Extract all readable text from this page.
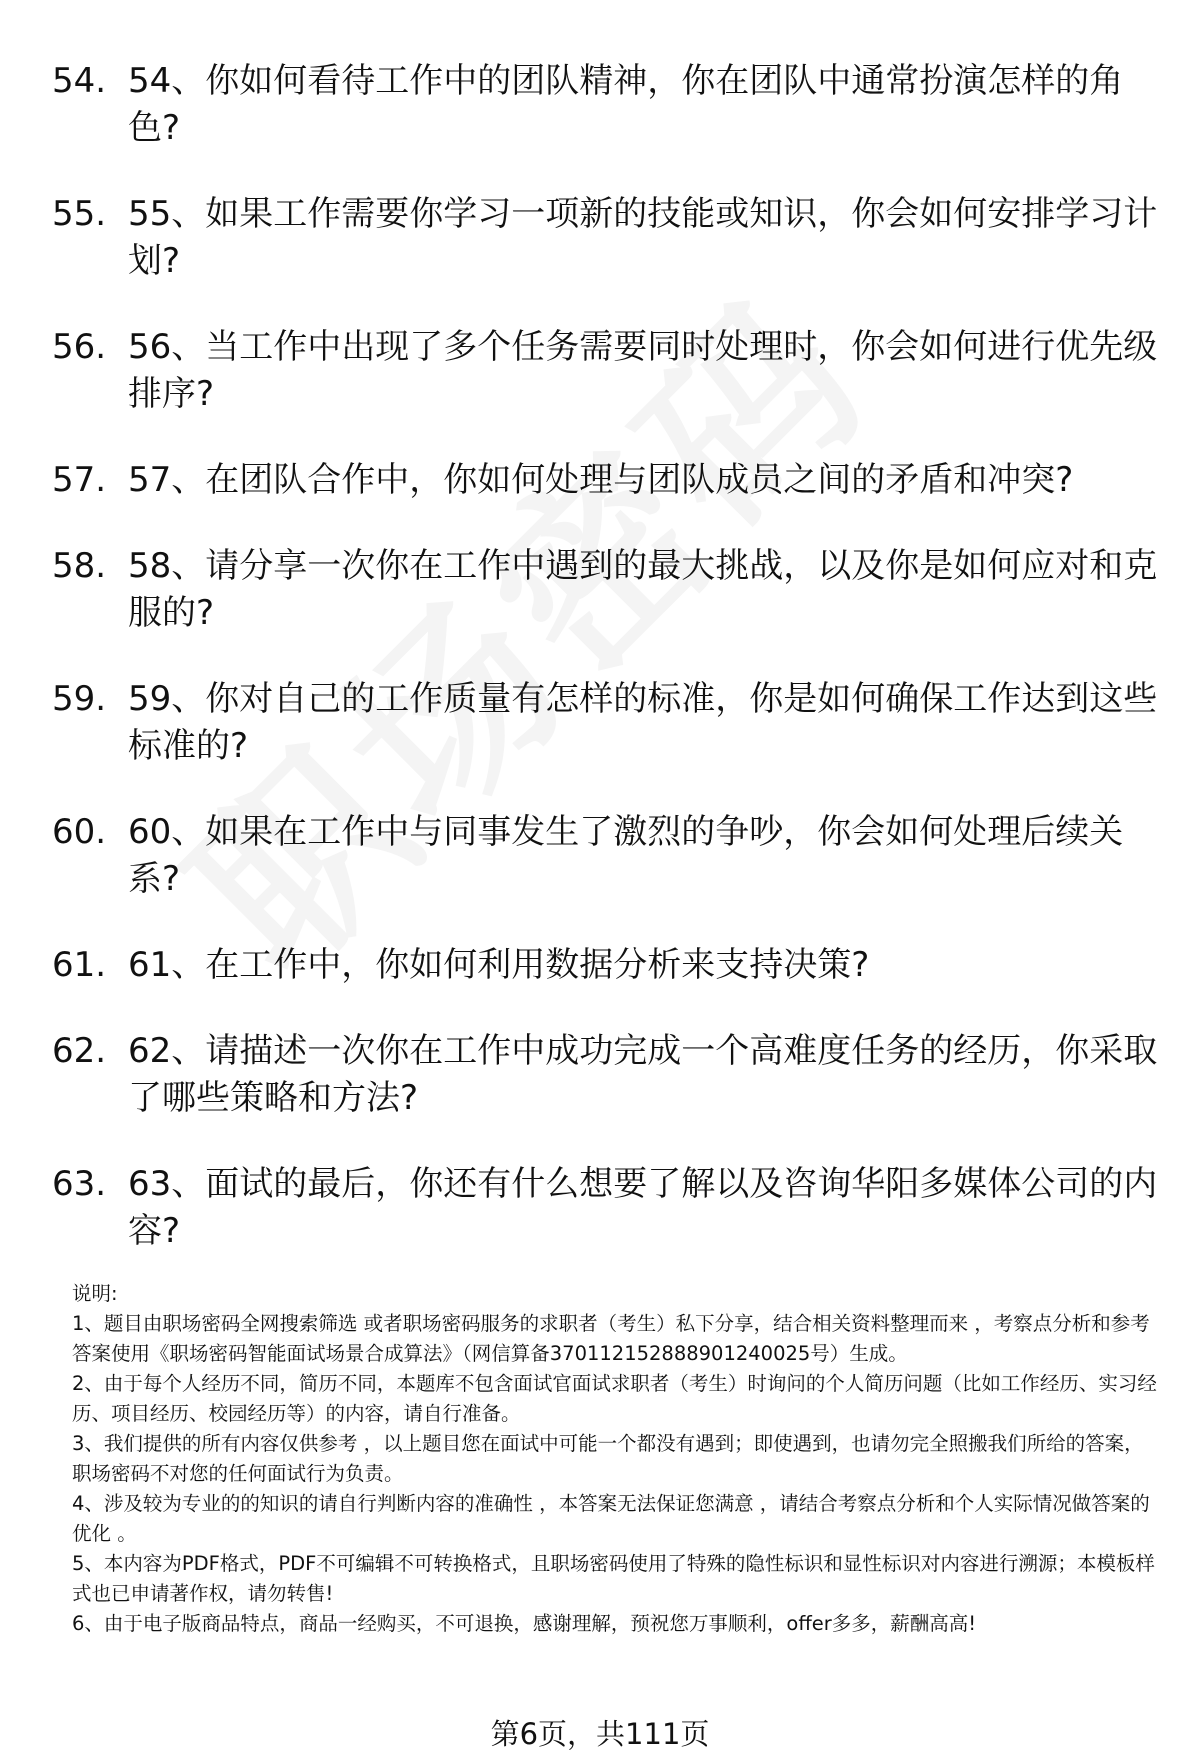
54. 54、你如何看待工作中的团队精神，你在团队中通常扮演怎样的角色?
55. 55、如果工作需要你学习一项新的技能或知识，你会如何安排学习计划?
56. 56、当工作中出现了多个任务需要同时处理时，你会如何进行优先级排序?
57. 57、在团队合作中，你如何处理与团队成员之间的矛盾和冲突?
58. 58、请分享一次你在工作中遇到的最大挑战，以及你是如何应对和克服的?
59. 59、你对自己的工作质量有怎样的标准，你是如何确保工作达到这些标准的?
60. 60、如果在工作中与同事发生了激烈的争吵，你会如何处理后续关系?
61. 61、在工作中，你如何利用数据分析来支持决策?
62. 62、请描述一次你在工作中成功完成一个高难度任务的经历，你采取了哪些策略和方法?
63. 63、面试的最后，你还有什么想要了解以及咨询华阳多媒体公司的内容?
说明:
1、题目由职场密码全网搜索筛选 或者职场密码服务的求职者（考生）私下分享，结合相关资料整理而来 ，考察点分析和参考答案使用《职场密码智能面试场景合成算法》（网信算备370112152888901240025号）生成。
2、由于每个人经历不同，简历不同，本题库不包含面试官面试求职者（考生）时询问的个人简历问题（比如工作经历、实习经历、项目经历、校园经历等）的内容，请自行准备。
3、我们提供的所有内容仅供参考 ，以上题目您在面试中可能一个都没有遇到；即使遇到，也请勿完全照搬我们所给的答案，职场密码不对您的任何面试行为负责。
4、涉及较为专业的的知识的请自行判断内容的准确性 ，本答案无法保证您满意 ，请结合考察点分析和个人实际情况做答案的优化 。
5、本内容为PDF格式，PDF不可编辑不可转换格式，且职场密码使用了特殊的隐性标识和显性标识对内容进行溯源；本模板样式也已申请著作权，请勿转售!
6、由于电子版商品特点，商品一经购买，不可退换，感谢理解，预祝您万事顺利，offer多多，薪酬高高!
第6页，共111页
